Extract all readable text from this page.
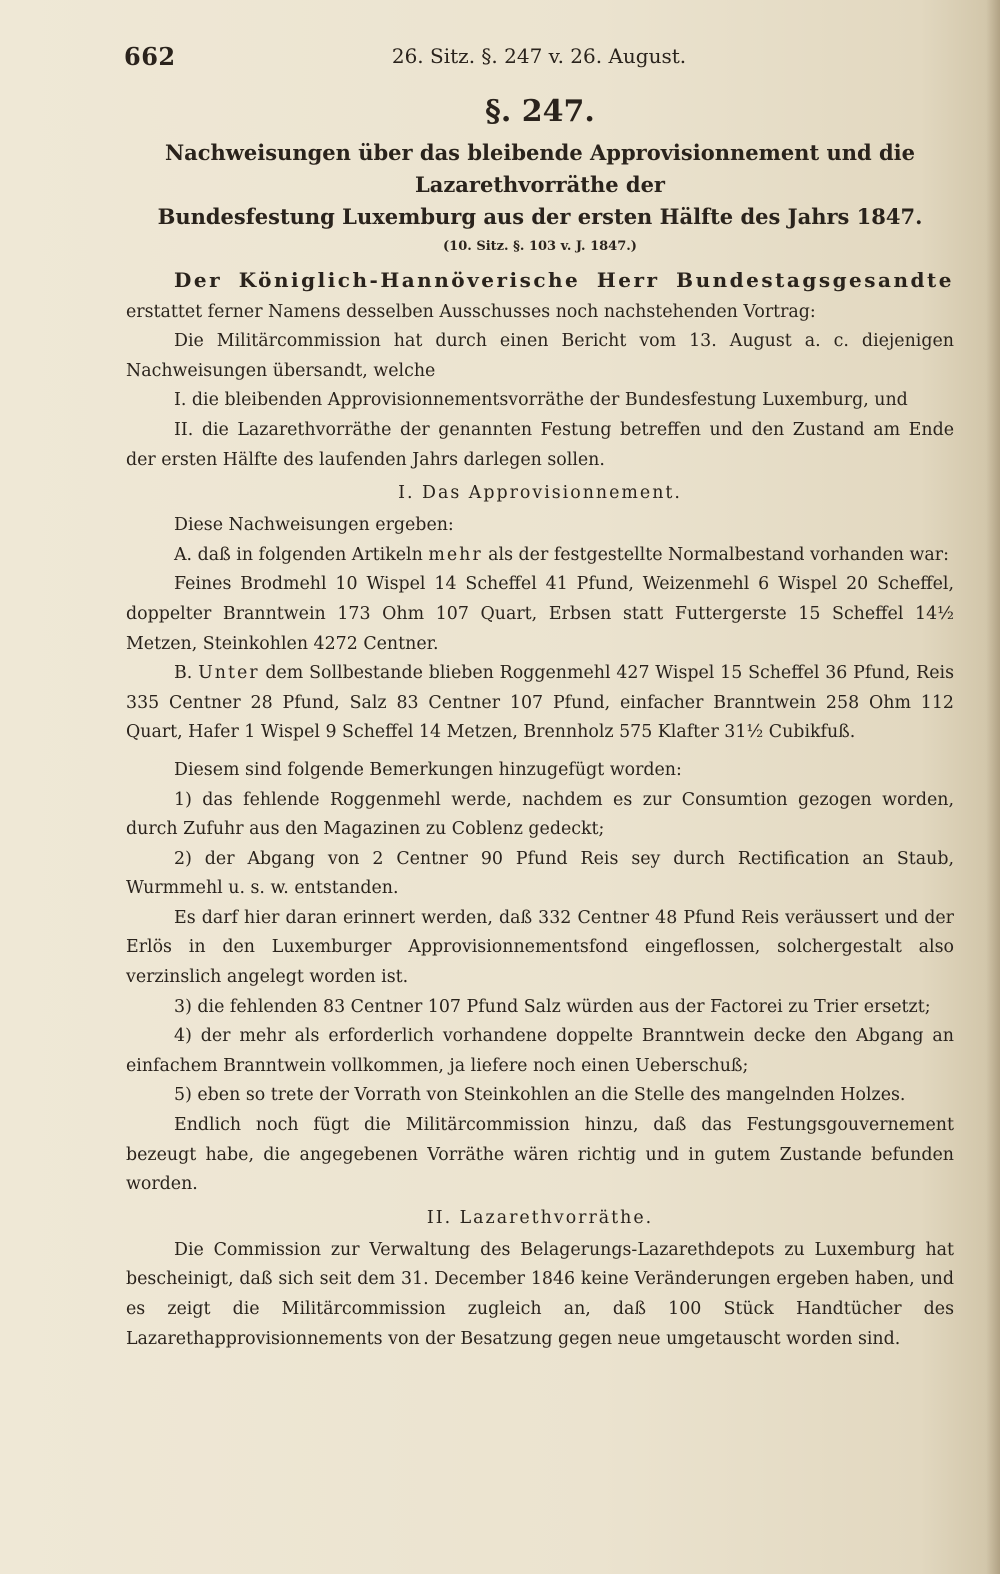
662	26. Sitz. §. 247 v. 26. August.
§. 247.
Nachweisungen über das bleibende Approvisionnement und die Lazarethvorräthe der
Bundesfestung Luxemburg aus der ersten Hälfte des Jahrs 1847.
(10. Sitz. §. 103 v. J. 1847.)

Der Königlich-Hannöverische Herr Bundestagsgesandte erstattet ferner Namens desselben Ausschusses noch nachstehenden Vortrag:

Die Militärcommission hat durch einen Bericht vom 13. August a. c. diejenigen Nachweisungen übersandt, welche

I. die bleibenden Approvisionnementsvorräthe der Bundesfestung Luxemburg, und

II. die Lazarethvorräthe der genannten Festung betreffen und den Zustand am Ende der ersten Hälfte des laufenden Jahrs darlegen sollen.

I. Das Approvisionnement.

Diese Nachweisungen ergeben:

A. daß in folgenden Artikeln mehr als der festgestellte Normalbestand vorhanden war:

Feines Brodmehl 10 Wispel 14 Scheffel 41 Pfund, Weizenmehl 6 Wispel 20 Scheffel, doppelter Branntwein 173 Ohm 107 Quart, Erbsen statt Futtergerste 15 Scheffel 14½ Metzen, Steinkohlen 4272 Centner.

B. Unter dem Sollbestande blieben Roggenmehl 427 Wispel 15 Scheffel 36 Pfund, Reis 335 Centner 28 Pfund, Salz 83 Centner 107 Pfund, einfacher Branntwein 258 Ohm 112 Quart, Hafer 1 Wispel 9 Scheffel 14 Metzen, Brennholz 575 Klafter 31½ Cubikfuß.

Diesem sind folgende Bemerkungen hinzugefügt worden:

1) das fehlende Roggenmehl werde, nachdem es zur Consumtion gezogen worden, durch Zufuhr aus den Magazinen zu Coblenz gedeckt;

2) der Abgang von 2 Centner 90 Pfund Reis sey durch Rectification an Staub, Wurmmehl u. s. w. entstanden.

Es darf hier daran erinnert werden, daß 332 Centner 48 Pfund Reis veräussert und der Erlös in den Luxemburger Approvisionnementsfond eingeflossen, solchergestalt also verzinslich angelegt worden ist.

3) die fehlenden 83 Centner 107 Pfund Salz würden aus der Factorei zu Trier ersetzt;

4) der mehr als erforderlich vorhandene doppelte Branntwein decke den Abgang an einfachem Branntwein vollkommen, ja liefere noch einen Ueberschuß;

5) eben so trete der Vorrath von Steinkohlen an die Stelle des mangelnden Holzes.

Endlich noch fügt die Militärcommission hinzu, daß das Festungsgouvernement bezeugt habe, die angegebenen Vorräthe wären richtig und in gutem Zustande befunden worden.

II. Lazarethvorräthe.

Die Commission zur Verwaltung des Belagerungs-Lazarethdepots zu Luxemburg hat bescheinigt, daß sich seit dem 31. December 1846 keine Veränderungen ergeben haben, und es zeigt die Militärcommission zugleich an, daß 100 Stück Handtücher des Lazarethapprovisionnements von der Besatzung gegen neue umgetauscht worden sind.
